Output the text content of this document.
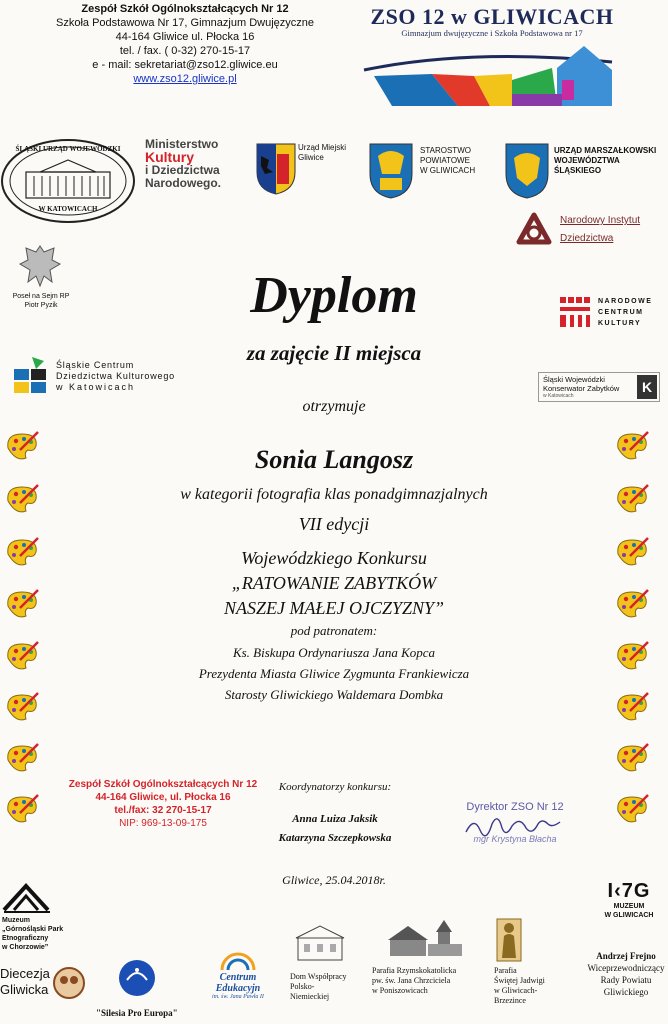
Zespół Szkół Ogólnokształcących Nr 12
Szkoła Podstawowa Nr 17, Gimnazjum Dwujęzyczne
44-164 Gliwice ul. Płocka 16
tel. / fax. ( 0-32) 270-15-17
e - mail: sekretariat@zso12.gliwice.eu
www.zso12.gliwice.pl
ZSO 12 w GLIWICACH
Gimnazjum dwujęzyczne i Szkoła Podstawowa nr 17
ŚLĄSKI URZĄD WOJEWÓDZKI
W KATOWICACH
Ministerstwo
Kultury
i Dziedzictwa
Narodowego.
Urząd Miejski
Gliwice
STAROSTWO
POWIATOWE
W GLIWICACH
URZĄD MARSZAŁKOWSKI
WOJEWÓDZTWA
ŚLĄSKIEGO
Narodowy Instytut
Dziedzictwa
Poseł na Sejm RP
Piotr Pyzik
NARODOWE
CENTRUM
KULTURY
Śląskie Centrum
Dziedzictwa Kulturowego
w Katowicach
Śląski Wojewódzki
Konserwator Zabytków
w Katowicach
K
Dyplom
za zajęcie II miejsca
otrzymuje
Sonia Langosz
w kategorii fotografia klas ponadgimnazjalnych
VII edycji
Wojewódzkiego Konkursu
„RATOWANIE ZABYTKÓW
NASZEJ MAŁEJ OJCZYZNY”
pod patronatem:
Ks. Biskupa Ordynariusza Jana Kopca
Prezydenta Miasta Gliwice Zygmunta Frankiewicza
Starosty Gliwickiego Waldemara Dombka
Zespół Szkół Ogólnokształcących Nr 12
44-164 Gliwice, ul. Płocka 16
tel./fax: 32 270-15-17
NIP: 969-13-09-175
Koordynatorzy konkursu:
Anna Luiza Jaksik
Katarzyna Szczepkowska
Dyrektor ZSO Nr 12
mgr Krystyna Błacha
Gliwice, 25.04.2018r.
Muzeum
„Górnośląski Park
Etnograficzny
w Chorzowie”
I‹7G
MUZEUM
W GLIWICACH
Diecezja
Gliwicka
"Silesia Pro Europa"
Centrum Edukacyjn
im. św. Jana Pawła II
Dom Współpracy
Polsko-
Niemieckiej
Parafia Rzymskokatolicka
pw. św. Jana Chrzciciela
w Poniszowicach
Parafia
Świętej Jadwigi
w Gliwicach-
Brzezince
Andrzej Frejno
Wiceprzewodniczący
Rady Powiatu
Gliwickiego
